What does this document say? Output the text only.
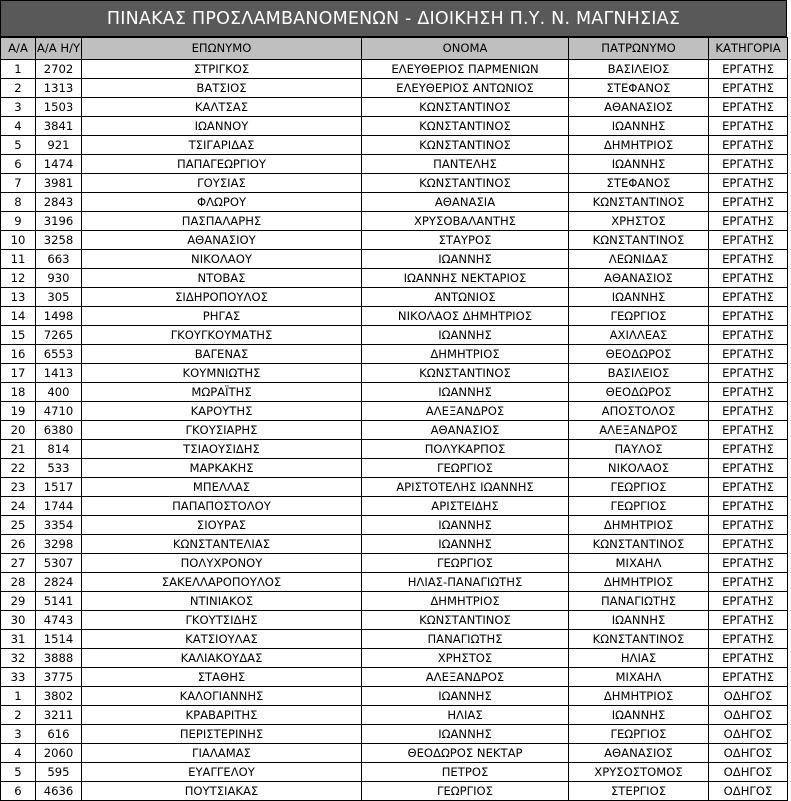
ΠΙΝΑΚΑΣ ΠΡΟΣΛΑΜΒΑΝΟΜΕΝΩΝ - ΔΙΟΙΚΗΣΗ Π.Υ. Ν. ΜΑΓΝΗΣΙΑΣ
Α/Α	Α/Α Η/Υ	ΕΠΩΝΥΜΟ	ΟΝΟΜΑ	ΠΑΤΡΩΝΥΜΟ	ΚΑΤΗΓΟΡΙΑ
1	2702	ΣΤΡΙΓΚΟΣ	ΕΛΕΥΘΕΡΙΟΣ ΠΑΡΜΕΝΙΩΝ	ΒΑΣΙΛΕΙΟΣ	ΕΡΓΑΤΗΣ
2	1313	ΒΑΤΣΙΟΣ	ΕΛΕΥΘΕΡΙΟΣ ΑΝΤΩΝΙΟΣ	ΣΤΕΦΑΝΟΣ	ΕΡΓΑΤΗΣ
3	1503	ΚΑΛΤΣΑΣ	ΚΩΝΣΤΑΝΤΙΝΟΣ	ΑΘΑΝΑΣΙΟΣ	ΕΡΓΑΤΗΣ
4	3841	ΙΩΑΝΝΟΥ	ΚΩΝΣΤΑΝΤΙΝΟΣ	ΙΩΑΝΝΗΣ	ΕΡΓΑΤΗΣ
5	921	ΤΣΙΓΑΡΙΔΑΣ	ΚΩΝΣΤΑΝΤΙΝΟΣ	ΔΗΜΗΤΡΙΟΣ	ΕΡΓΑΤΗΣ
6	1474	ΠΑΠΑΓΕΩΡΓΙΟΥ	ΠΑΝΤΕΛΗΣ	ΙΩΑΝΝΗΣ	ΕΡΓΑΤΗΣ
7	3981	ΓΟΥΣΙΑΣ	ΚΩΝΣΤΑΝΤΙΝΟΣ	ΣΤΕΦΑΝΟΣ	ΕΡΓΑΤΗΣ
8	2843	ΦΛΩΡΟΥ	ΑΘΑΝΑΣΙΑ	ΚΩΝΣΤΑΝΤΙΝΟΣ	ΕΡΓΑΤΗΣ
9	3196	ΠΑΣΠΑΛΑΡΗΣ	ΧΡΥΣΟΒΑΛΑΝΤΗΣ	ΧΡΗΣΤΟΣ	ΕΡΓΑΤΗΣ
10	3258	ΑΘΑΝΑΣΙΟΥ	ΣΤΑΥΡΟΣ	ΚΩΝΣΤΑΝΤΙΝΟΣ	ΕΡΓΑΤΗΣ
11	663	ΝΙΚΟΛΑΟΥ	ΙΩΑΝΝΗΣ	ΛΕΩΝΙΔΑΣ	ΕΡΓΑΤΗΣ
12	930	ΝΤΟΒΑΣ	ΙΩΑΝΝΗΣ ΝΕΚΤΑΡΙΟΣ	ΑΘΑΝΑΣΙΟΣ	ΕΡΓΑΤΗΣ
13	305	ΣΙΔΗΡΟΠΟΥΛΟΣ	ΑΝΤΩΝΙΟΣ	ΙΩΑΝΝΗΣ	ΕΡΓΑΤΗΣ
14	1498	ΡΗΓΑΣ	ΝΙΚΟΛΑΟΣ ΔΗΜΗΤΡΙΟΣ	ΓΕΩΡΓΙΟΣ	ΕΡΓΑΤΗΣ
15	7265	ΓΚΟΥΓΚΟΥΜΑΤΗΣ	ΙΩΑΝΝΗΣ	ΑΧΙΛΛΕΑΣ	ΕΡΓΑΤΗΣ
16	6553	ΒΑΓΕΝΑΣ	ΔΗΜΗΤΡΙΟΣ	ΘΕΟΔΩΡΟΣ	ΕΡΓΑΤΗΣ
17	1413	ΚΟΥΜΝΙΩΤΗΣ	ΚΩΝΣΤΑΝΤΙΝΟΣ	ΒΑΣΙΛΕΙΟΣ	ΕΡΓΑΤΗΣ
18	400	ΜΩΡΑΪΤΗΣ	ΙΩΑΝΝΗΣ	ΘΕΟΔΩΡΟΣ	ΕΡΓΑΤΗΣ
19	4710	ΚΑΡΟΥΤΗΣ	ΑΛΕΞΑΝΔΡΟΣ	ΑΠΟΣΤΟΛΟΣ	ΕΡΓΑΤΗΣ
20	6380	ΓΚΟΥΣΙΑΡΗΣ	ΑΘΑΝΑΣΙΟΣ	ΑΛΕΞΑΝΔΡΟΣ	ΕΡΓΑΤΗΣ
21	814	ΤΣΙΑΟΥΣΙΔΗΣ	ΠΟΛΥΚΑΡΠΟΣ	ΠΑΥΛΟΣ	ΕΡΓΑΤΗΣ
22	533	ΜΑΡΚΑΚΗΣ	ΓΕΩΡΓΙΟΣ	ΝΙΚΟΛΑΟΣ	ΕΡΓΑΤΗΣ
23	1517	ΜΠΕΛΛΑΣ	ΑΡΙΣΤΟΤΕΛΗΣ ΙΩΑΝΝΗΣ	ΓΕΩΡΓΙΟΣ	ΕΡΓΑΤΗΣ
24	1744	ΠΑΠΑΠΟΣΤΟΛΟΥ	ΑΡΙΣΤΕΙΔΗΣ	ΓΕΩΡΓΙΟΣ	ΕΡΓΑΤΗΣ
25	3354	ΣΙΟΥΡΑΣ	ΙΩΑΝΝΗΣ	ΔΗΜΗΤΡΙΟΣ	ΕΡΓΑΤΗΣ
26	3298	ΚΩΝΣΤΑΝΤΕΛΙΑΣ	ΙΩΑΝΝΗΣ	ΚΩΝΣΤΑΝΤΙΝΟΣ	ΕΡΓΑΤΗΣ
27	5307	ΠΟΛΥΧΡΟΝΟΥ	ΓΕΩΡΓΙΟΣ	ΜΙΧΑΗΛ	ΕΡΓΑΤΗΣ
28	2824	ΣΑΚΕΛΛΑΡΟΠΟΥΛΟΣ	ΗΛΙΑΣ-ΠΑΝΑΓΙΩΤΗΣ	ΔΗΜΗΤΡΙΟΣ	ΕΡΓΑΤΗΣ
29	5141	ΝΤΙΝΙΑΚΟΣ	ΔΗΜΗΤΡΙΟΣ	ΠΑΝΑΓΙΩΤΗΣ	ΕΡΓΑΤΗΣ
30	4743	ΓΚΟΥΤΣΙΔΗΣ	ΚΩΝΣΤΑΝΤΙΝΟΣ	ΙΩΑΝΝΗΣ	ΕΡΓΑΤΗΣ
31	1514	ΚΑΤΣΙΟΥΛΑΣ	ΠΑΝΑΓΙΩΤΗΣ	ΚΩΝΣΤΑΝΤΙΝΟΣ	ΕΡΓΑΤΗΣ
32	3888	ΚΑΛΙΑΚΟΥΔΑΣ	ΧΡΗΣΤΟΣ	ΗΛΙΑΣ	ΕΡΓΑΤΗΣ
33	3775	ΣΤΑΘΗΣ	ΑΛΕΞΑΝΔΡΟΣ	ΜΙΧΑΗΛ	ΕΡΓΑΤΗΣ
1	3802	ΚΑΛΟΓΙΑΝΝΗΣ	ΙΩΑΝΝΗΣ	ΔΗΜΗΤΡΙΟΣ	ΟΔΗΓΟΣ
2	3211	ΚΡΑΒΑΡΙΤΗΣ	ΗΛΙΑΣ	ΙΩΑΝΝΗΣ	ΟΔΗΓΟΣ
3	616	ΠΕΡΙΣΤΕΡΙΝΗΣ	ΙΩΑΝΝΗΣ	ΓΕΩΡΓΙΟΣ	ΟΔΗΓΟΣ
4	2060	ΓΙΑΛΑΜΑΣ	ΘΕΟΔΩΡΟΣ ΝΕΚΤΑΡ	ΑΘΑΝΑΣΙΟΣ	ΟΔΗΓΟΣ
5	595	ΕΥΑΓΓΕΛΟΥ	ΠΕΤΡΟΣ	ΧΡΥΣΟΣΤΟΜΟΣ	ΟΔΗΓΟΣ
6	4636	ΠΟΥΤΣΙΑΚΑΣ	ΓΕΩΡΓΙΟΣ	ΣΤΕΡΓΙΟΣ	ΟΔΗΓΟΣ
